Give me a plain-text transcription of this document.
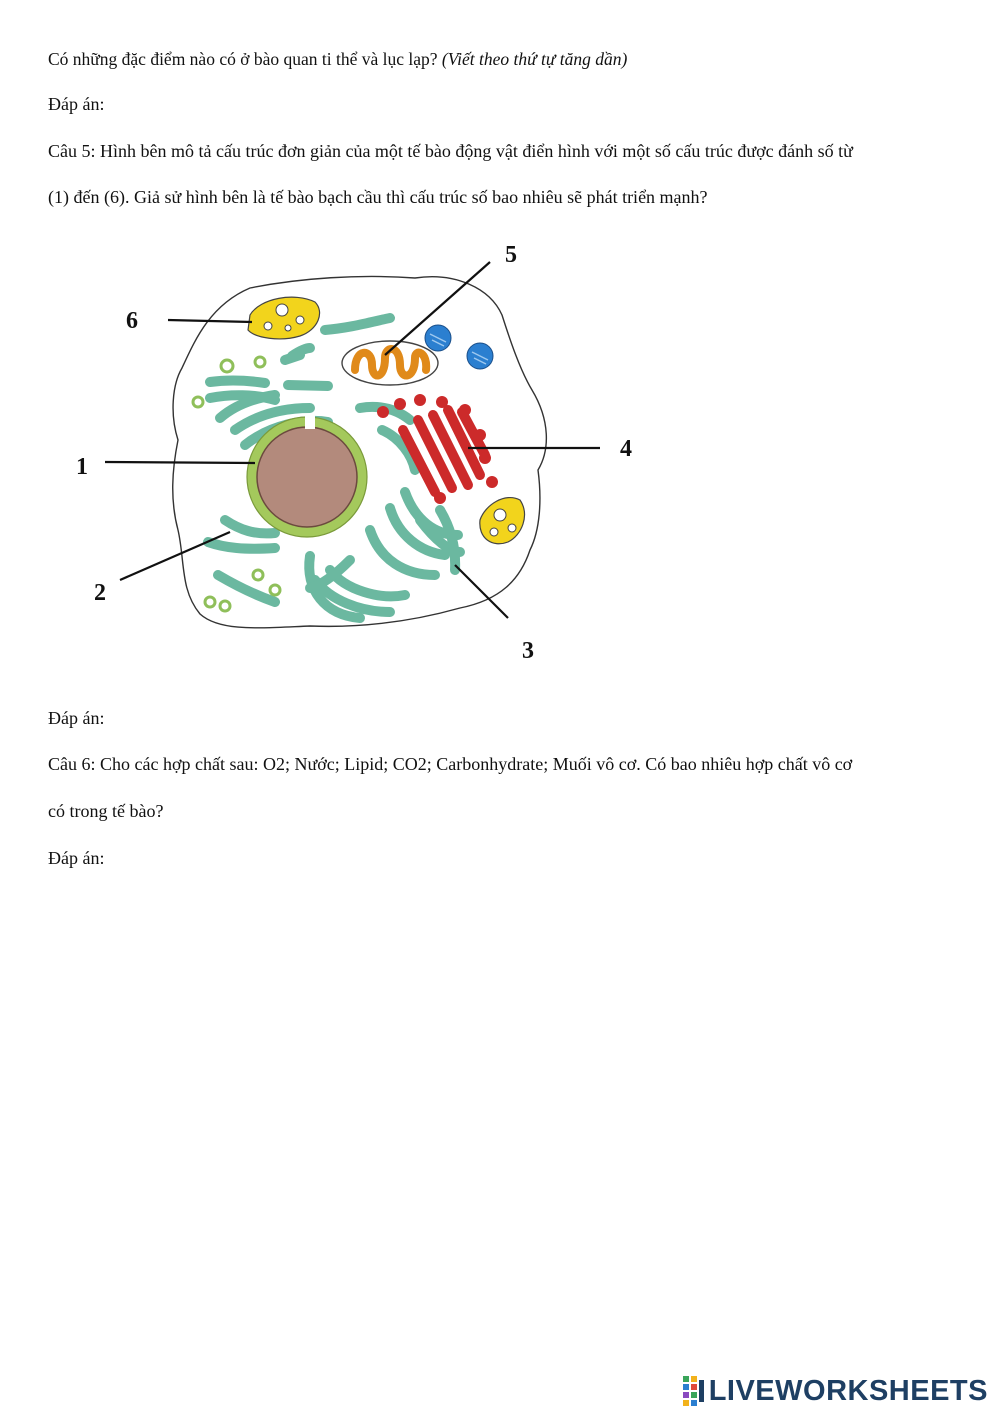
Có những đặc điểm nào có ở bào quan ti thể và lục lạp? (Viết theo thứ tự tăng dần)

Đáp án:

Câu 5: Hình bên mô tả cấu trúc đơn giản của một tế bào động vật điển hình với một số cấu trúc được đánh số từ

(1) đến (6). Giả sử hình bên là tế bào bạch cầu thì cấu trúc số bao nhiêu sẽ phát triển mạnh?

1
2
3
4
5
6

Đáp án:

Câu 6: Cho các hợp chất sau: O2; Nước; Lipid; CO2; Carbonhydrate; Muối vô cơ. Có bao nhiêu hợp chất vô cơ

có trong tế bào?

Đáp án:

LIVEWORKSHEETS
